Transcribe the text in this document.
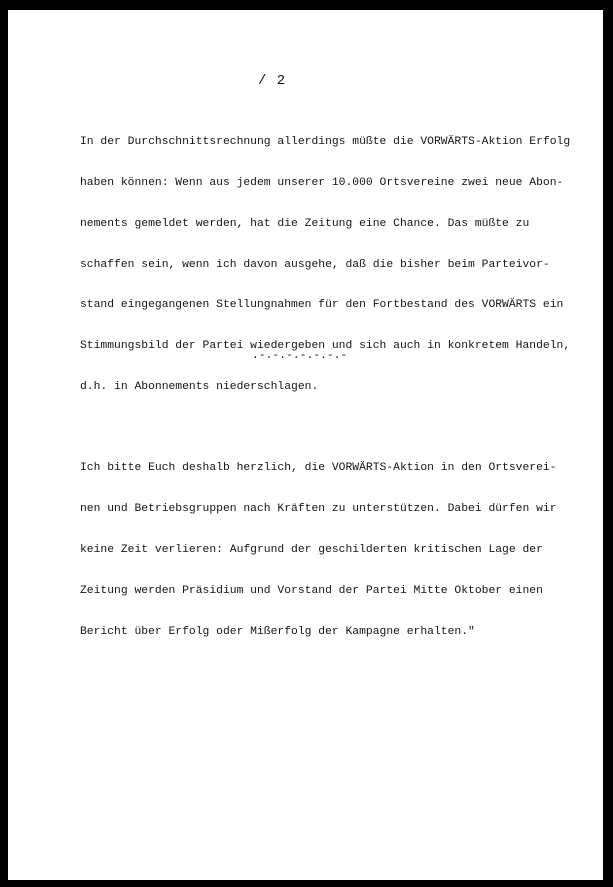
/ 2

In der Durchschnittsrechnung allerdings müßte die VORWÄRTS-Aktion Erfolg

haben können: Wenn aus jedem unserer 10.000 Ortsvereine zwei neue Abon-

nements gemeldet werden, hat die Zeitung eine Chance. Das müßte zu

schaffen sein, wenn ich davon ausgehe, daß die bisher beim Parteivor-

stand eingegangenen Stellungnahmen für den Fortbestand des VORWÄRTS ein

Stimmungsbild der Partei wiedergeben und sich auch in konkretem Handeln,

d.h. in Abonnements niederschlagen.

Ich bitte Euch deshalb herzlich, die VORWÄRTS-Aktion in den Ortsverei-

nen und Betriebsgruppen nach Kräften zu unterstützen. Dabei dürfen wir

keine Zeit verlieren: Aufgrund der geschilderten kritischen Lage der

Zeitung werden Präsidium und Vorstand der Partei Mitte Oktober einen

Bericht über Erfolg oder Mißerfolg der Kampagne erhalten."

.-.-.-.-.-.-.-
